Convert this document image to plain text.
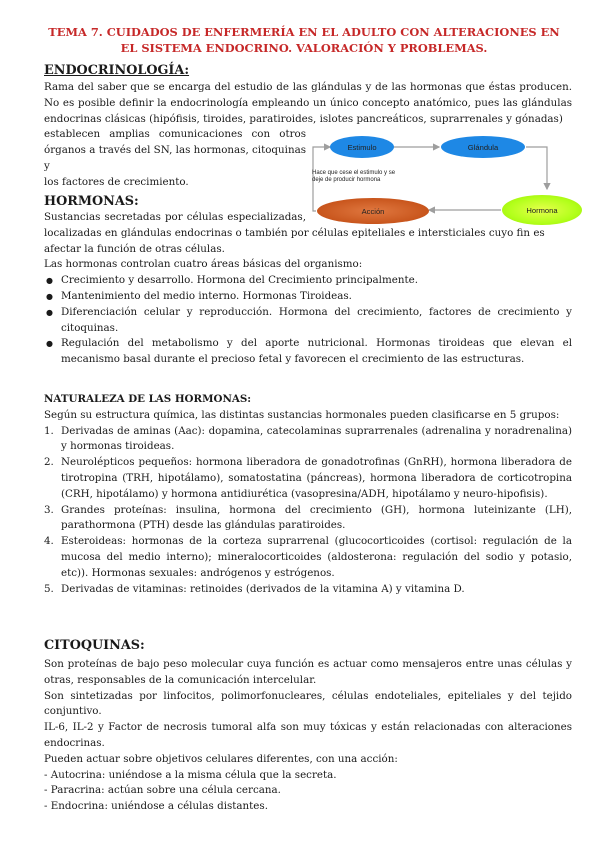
TEMA 7. CUIDADOS DE ENFERMERÍA EN EL ADULTO CON ALTERACIONES EN EL SISTEMA ENDOCRINO. VALORACIÓN Y PROBLEMAS.
ENDOCRINOLOGÍA:

Rama del saber que se encarga del estudio de las glándulas y de las hormonas que éstas producen. No es posible definir la endocrinología empleando un único concepto anatómico, pues las glándulas endocrinas clásicas (hipófisis, tiroides, paratiroides, islotes pancreáticos, suprarrenales y gónadas)

establecen amplias comunicaciones con otros
órganos a través del SN, las hormonas, citoquinas y
los factores de crecimiento.
Estimulo	Glándula
Hormona
Acción
Hace que cese el estimulo y se deje de producir hormona
HORMONAS:
Sustancias secretadas por células especializadas,

localizadas en glándulas endocrinas o también por células epiteliales e intersticiales cuyo fin es afectar la función de otras células.

Las hormonas controlan cuatro áreas básicas del organismo:

● Crecimiento y desarrollo. Hormona del Crecimiento principalmente.
● Mantenimiento del medio interno. Hormonas Tiroideas.
● Diferenciación celular y reproducción. Hormona del crecimiento, factores de crecimiento y citoquinas.
● Regulación del metabolismo y del aporte nutricional. Hormonas tiroideas que elevan el mecanismo basal durante el precioso fetal y favorecen el crecimiento de las estructuras.
NATURALEZA DE LAS HORMONAS:

Según su estructura química, las distintas sustancias hormonales pueden clasificarse en 5 grupos:

1. Derivadas de aminas (Aac): dopamina, catecolaminas suprarrenales (adrenalina y noradrenalina) y hormonas tiroideas.
2. Neurolépticos pequeños: hormona liberadora de gonadotrofinas (GnRH), hormona liberadora de tirotropina (TRH, hipotálamo), somatostatina (páncreas), hormona liberadora de corticotropina (CRH, hipotálamo) y hormona antidiurética (vasopresina/ADH, hipotálamo y neuro-hipofisis).
3. Grandes proteínas: insulina, hormona del crecimiento (GH), hormona luteinizante (LH), parathormona (PTH) desde las glándulas paratiroides.
4. Esteroideas: hormonas de la corteza suprarrenal (glucocorticoides (cortisol: regulación de la mucosa del medio interno); mineralocorticoides (aldosterona: regulación del sodio y potasio, etc)). Hormonas sexuales: andrógenos y estrógenos.
5. Derivadas de vitaminas: retinoides (derivados de la vitamina A) y vitamina D.
CITOQUINAS:

Son proteínas de bajo peso molecular cuya función es actuar como mensajeros entre unas células y otras, responsables de la comunicación intercelular.

Son sintetizadas por linfocitos, polimorfonucleares, células endoteliales, epiteliales y del tejido conjuntivo.

IL-6, IL-2 y Factor de necrosis tumoral alfa son muy tóxicas y están relacionadas con alteraciones endocrinas.

Pueden actuar sobre objetivos celulares diferentes, con una acción:

- Autocrina: uniéndose a la misma célula que la secreta.
- Paracrina: actúan sobre una célula cercana.
- Endocrina: uniéndose a células distantes.
